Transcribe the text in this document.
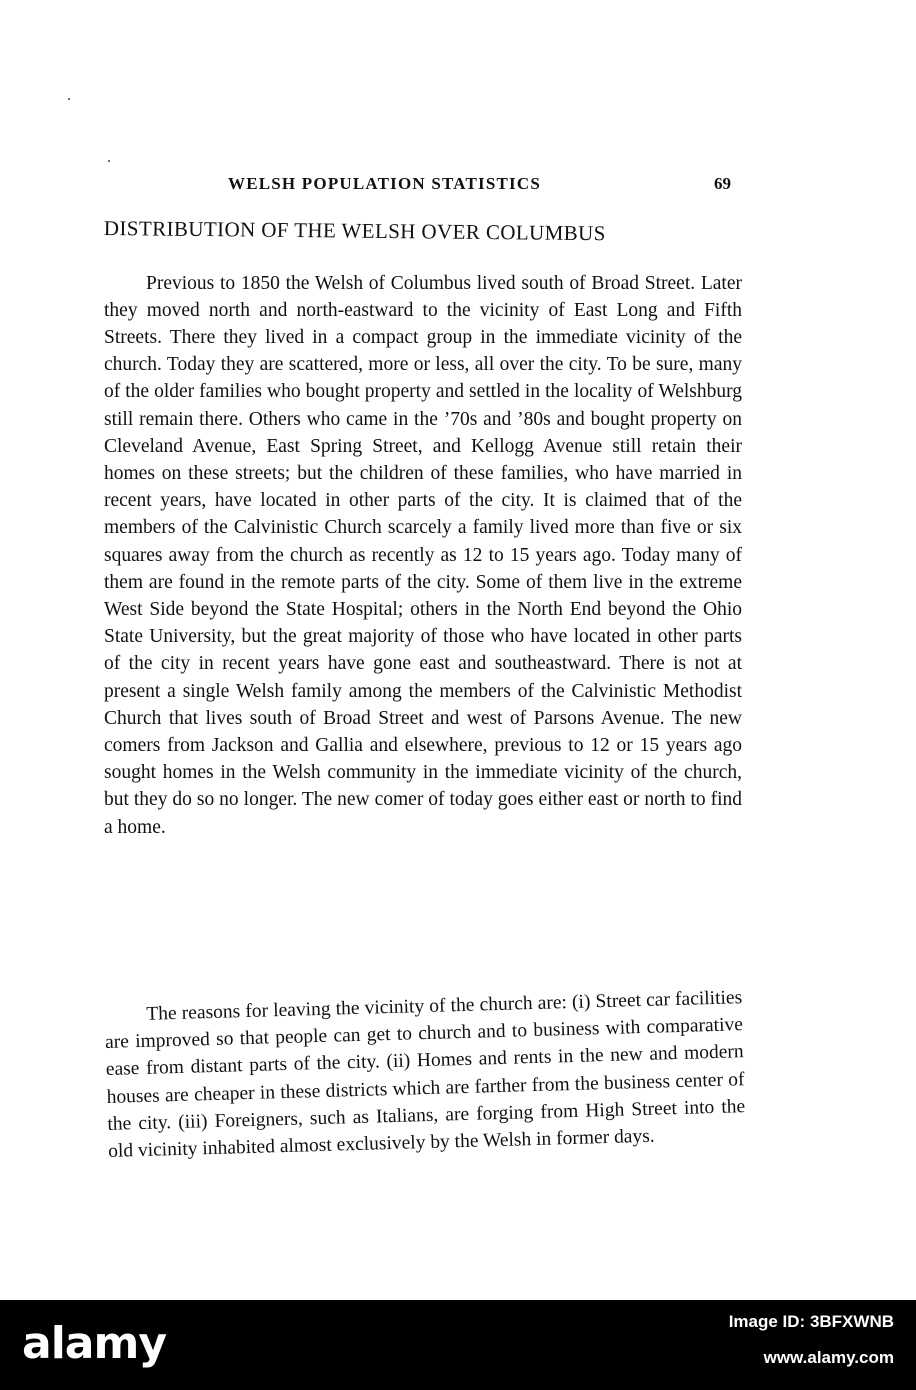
WELSH POPULATION STATISTICS	69
DISTRIBUTION OF THE WELSH OVER COLUMBUS

Previous to 1850 the Welsh of Columbus lived south of Broad Street. Later they moved north and north-eastward to the vicinity of East Long and Fifth Streets. There they lived in a compact group in the immediate vicinity of the church. Today they are scattered, more or less, all over the city. To be sure, many of the older families who bought property and settled in the locality of Welshburg still remain there. Others who came in the ’70s and ’80s and bought property on Cleveland Avenue, East Spring Street, and Kellogg Avenue still retain their homes on these streets; but the children of these families, who have married in recent years, have located in other parts of the city. It is claimed that of the members of the Calvinistic Church scarcely a family lived more than five or six squares away from the church as recently as 12 to 15 years ago. Today many of them are found in the remote parts of the city. Some of them live in the extreme West Side beyond the State Hospital; others in the North End beyond the Ohio State University, but the great majority of those who have located in other parts of the city in recent years have gone east and southeastward. There is not at present a single Welsh family among the members of the Calvinistic Methodist Church that lives south of Broad Street and west of Parsons Avenue. The new comers from Jackson and Gallia and elsewhere, previous to 12 or 15 years ago sought homes in the Welsh community in the immediate vicinity of the church, but they do so no longer. The new comer of today goes either east or north to find a home.

The reasons for leaving the vicinity of the church are: (i) Street car facilities are improved so that people can get to church and to business with comparative ease from distant parts of the city. (ii) Homes and rents in the new and modern houses are cheaper in these districts which are farther from the business center of the city. (iii) Foreigners, such as Italians, are forging from High Street into the old vicinity inhabited almost exclusively by the Welsh in former days.

alamy	Image ID: 3BFXWNB
www.alamy.com
